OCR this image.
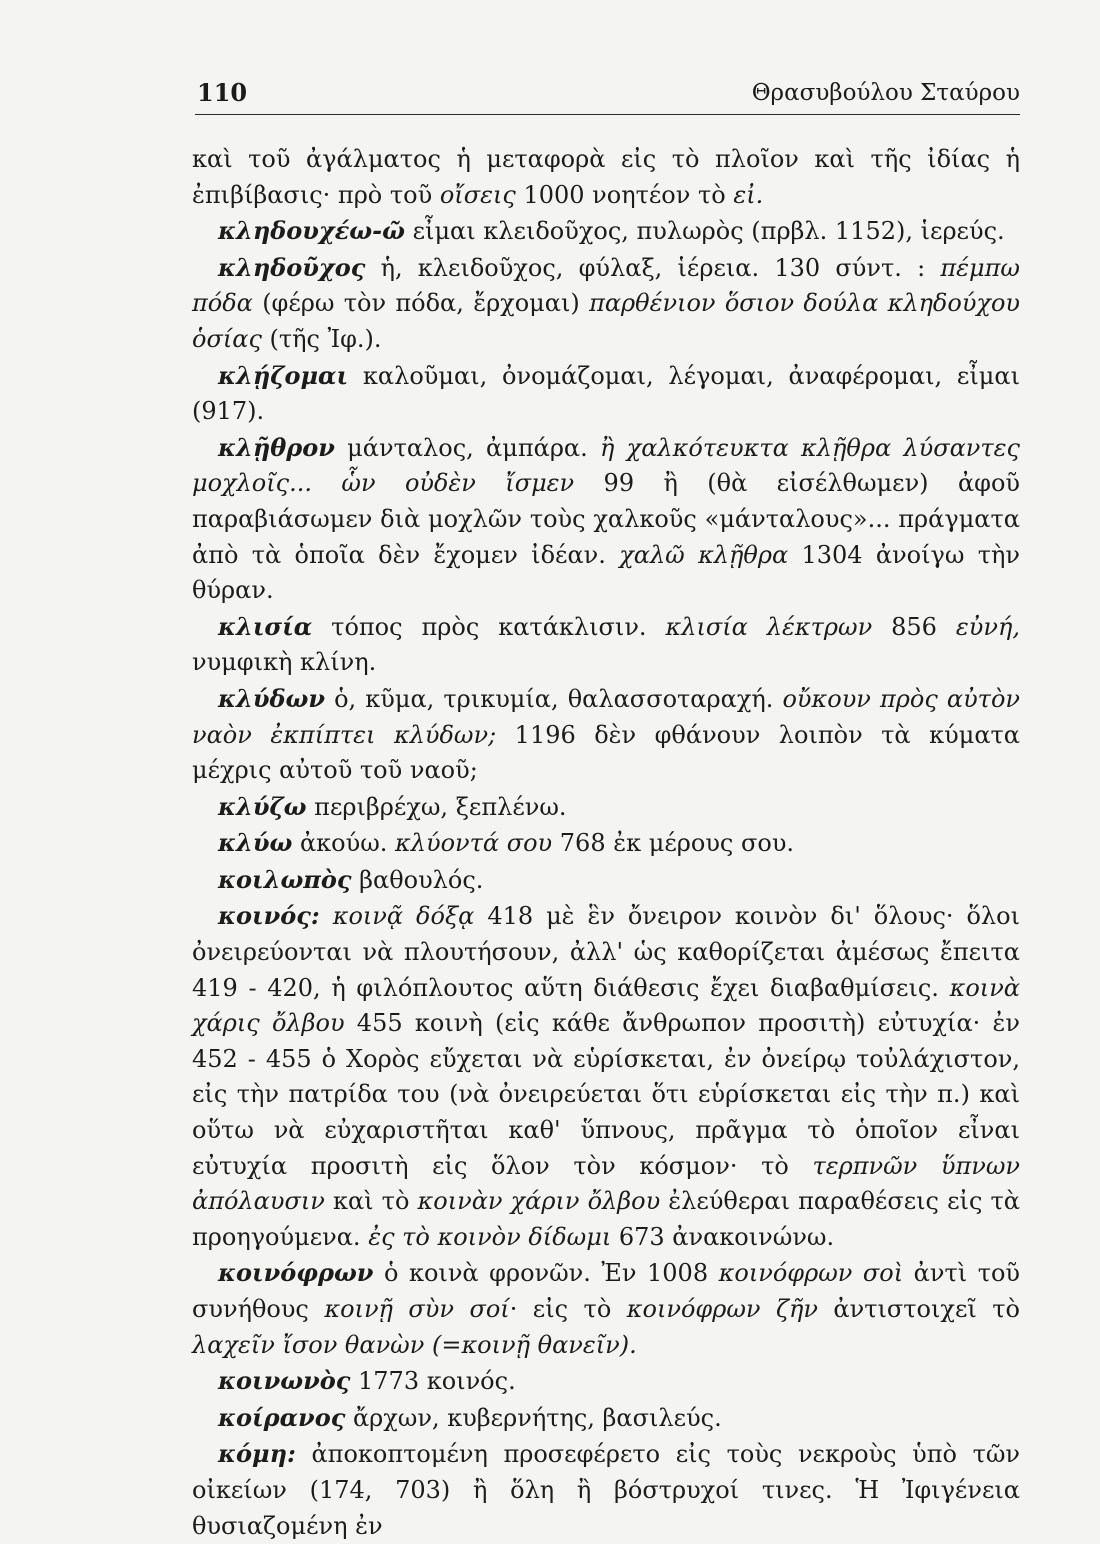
110	Θρασυβούλου Σταύρου

καὶ τοῦ ἀγάλματος ἡ μεταφορὰ εἰς τὸ πλοῖον καὶ τῆς ἰδίας ἡ ἐπιβίβασις· πρὸ τοῦ οἴσεις 1000 νοητέον τὸ εἰ.

κληδουχέω-ῶ εἶμαι κλειδοῦχος, πυλωρὸς (πρβλ. 1152), ἱερεύς.

κληδοῦχος ἡ, κλειδοῦχος, φύλαξ, ἱέρεια. 130 σύντ. : πέμπω πόδα (φέρω τὸν πόδα, ἔρχομαι) παρθένιον ὅσιον δούλα κληδούχου ὁσίας (τῆς Ἰφ.).

κλῄζομαι καλοῦμαι, ὀνομάζομαι, λέγομαι, ἀναφέρομαι, εἶμαι (917).

κλῇθρον μάνταλος, ἀμπάρα. ἢ χαλκότευκτα κλῇθρα λύσαντες μοχλοῖς... ὧν οὐδὲν ἴσμεν 99 ἢ (θὰ εἰσέλθωμεν) ἀφοῦ παραβιάσωμεν διὰ μοχλῶν τοὺς χαλκοῦς «μάνταλους»... πράγματα ἀπὸ τὰ ὁποῖα δὲν ἔχομεν ἰδέαν. χαλῶ κλῇθρα 1304 ἀνοίγω τὴν θύραν.

κλισία τόπος πρὸς κατάκλισιν. κλισία λέκτρων 856 εὐνή, νυμφικὴ κλίνη.

κλύδων ὁ, κῦμα, τρικυμία, θαλασσοταραχή. οὔκουν πρὸς αὐτὸν ναὸν ἐκπίπτει κλύδων; 1196 δὲν φθάνουν λοιπὸν τὰ κύματα μέχρις αὐτοῦ τοῦ ναοῦ;

κλύζω περιβρέχω, ξεπλένω.

κλύω ἀκούω. κλύοντά σου 768 ἐκ μέρους σου.

κοιλωπὸς βαθουλός.

κοινός: κοινᾷ δόξᾳ 418 μὲ ἓν ὄνειρον κοινὸν δι' ὅλους· ὅλοι ὀνειρεύονται νὰ πλουτήσουν, ἀλλ' ὡς καθορίζεται ἀμέσως ἔπειτα 419 - 420, ἡ φιλόπλουτος αὕτη διάθεσις ἔχει διαβαθμίσεις. κοινὰ χάρις ὄλβου 455 κοινὴ (εἰς κάθε ἄνθρωπον προσιτὴ) εὐτυχία· ἐν 452 - 455 ὁ Χορὸς εὔχεται νὰ εὑρίσκεται, ἐν ὀνείρῳ τοὐλάχιστον, εἰς τὴν πατρίδα του (νὰ ὀνειρεύεται ὅτι εὑρίσκεται εἰς τὴν π.) καὶ οὕτω νὰ εὐχαριστῆται καθ' ὕπνους, πρᾶγμα τὸ ὁποῖον εἶναι εὐτυχία προσιτὴ εἰς ὅλον τὸν κόσμον· τὸ τερπνῶν ὕπνων ἀπόλαυσιν καὶ τὸ κοινὰν χάριν ὄλβου ἐλεύθεραι παραθέσεις εἰς τὰ προηγούμενα. ἐς τὸ κοινὸν δίδωμι 673 ἀνακοινώνω.

κοινόφρων ὁ κοινὰ φρονῶν. Ἐν 1008 κοινόφρων σοὶ ἀντὶ τοῦ συνήθους κοινῇ σὺν σοί· εἰς τὸ κοινόφρων ζῆν ἀντιστοιχεῖ τὸ λαχεῖν ἴσον θανὼν (=κοινῇ θανεῖν).

κοινωνὸς 1773 κοινός.

κοίρανος ἄρχων, κυβερνήτης, βασιλεύς.

κόμη: ἀποκοπτομένη προσεφέρετο εἰς τοὺς νεκροὺς ὑπὸ τῶν οἰκείων (174, 703) ἢ ὅλη ἢ βόστρυχοί τινες. Ἡ Ἰφιγένεια θυσιαζομένη ἐν
